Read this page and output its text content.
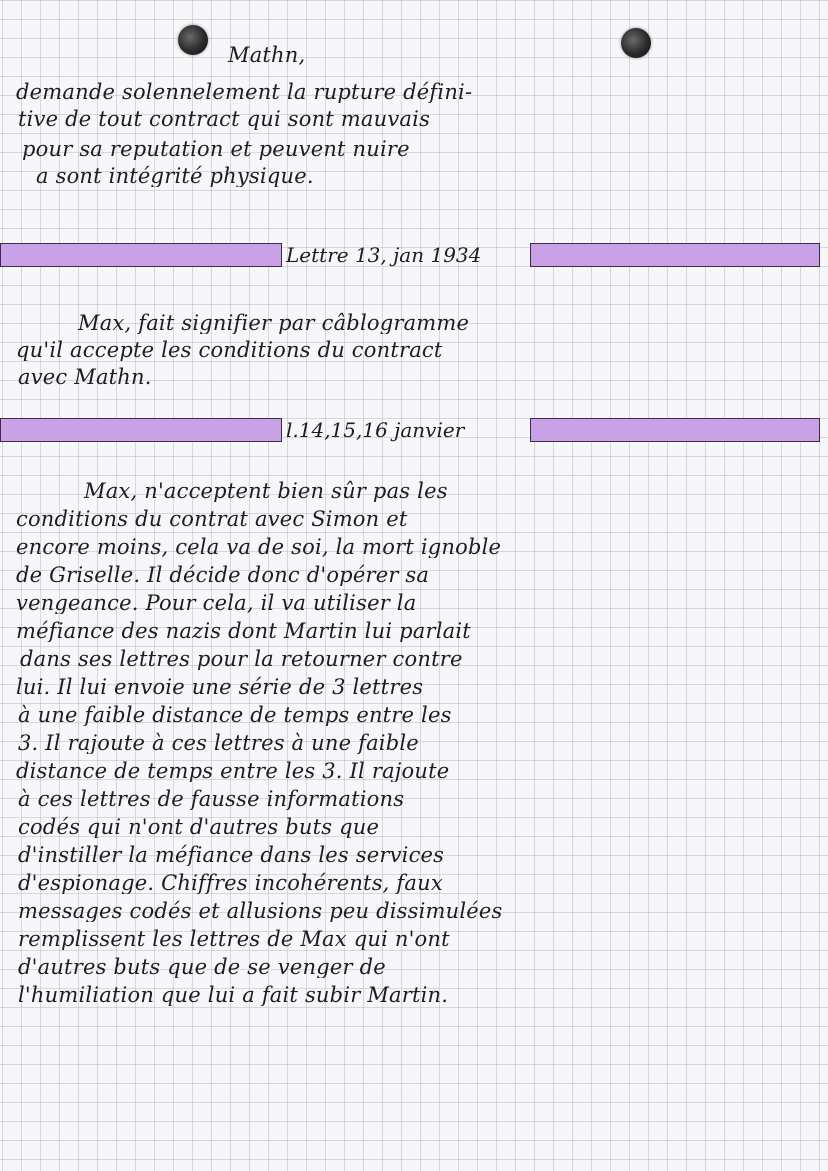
Mathn,
demande solennelement la rupture défini-
tive de tout contract qui sont mauvais
pour sa reputation et peuvent nuire
a sont intégrité physique.
Lettre 13, jan 1934
Max, fait signifier par câblogramme
qu'il accepte les conditions du contract
avec Mathn.
l.14,15,16 janvier
Max, n'acceptent bien sûr pas les
conditions du contrat avec Simon et
encore moins, cela va de soi, la mort ignoble
de Griselle. Il décide donc d'opérer sa
vengeance. Pour cela, il va utiliser la
méfiance des nazis dont Martin lui parlait
dans ses lettres pour la retourner contre
lui. Il lui envoie une série de 3 lettres
à une faible distance de temps entre les
3. Il rajoute à ces lettres à une faible
distance de temps entre les 3. Il rajoute
à ces lettres de fausse informations
codés qui n'ont d'autres buts que
d'instiller la méfiance dans les services
d'espionage. Chiffres incohérents, faux
messages codés et allusions peu dissimulées
remplissent les lettres de Max qui n'ont
d'autres buts que de se venger de
l'humiliation que lui a fait subir Martin.
